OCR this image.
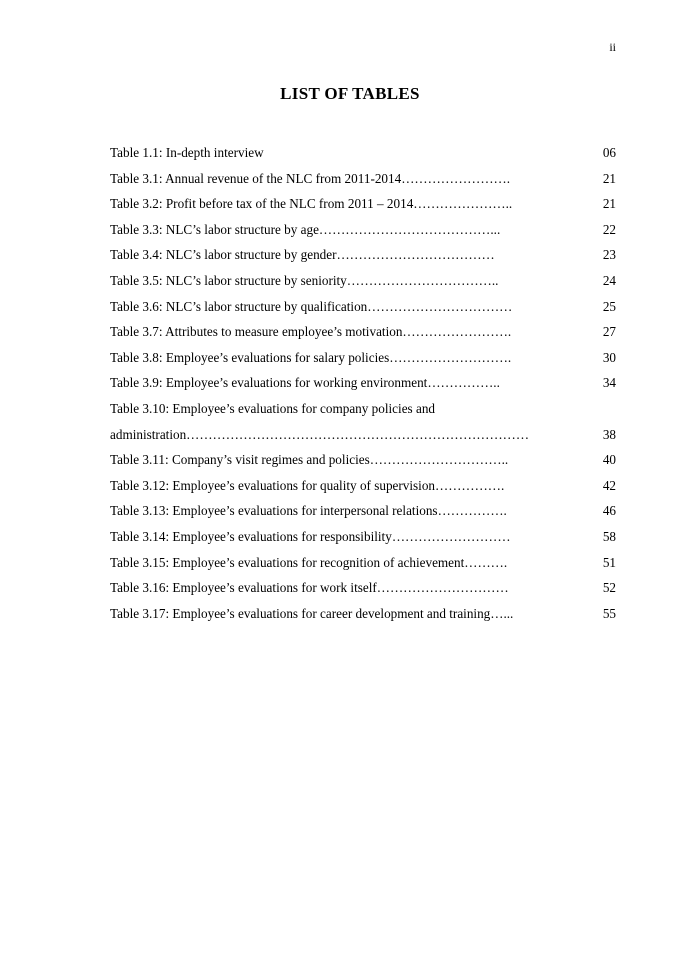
ii
LIST OF TABLES
Table 1.1: In-depth interview	06
Table 3.1: Annual revenue of the NLC from 2011-2014…………………….	21
Table 3.2: Profit before tax of the NLC from 2011 – 2014…………………..	21
Table 3.3: NLC’s labor structure by age…………………………………...	22
Table 3.4: NLC’s labor structure by gender………………………………	23
Table 3.5: NLC’s labor structure by seniority……………………………..	24
Table 3.6: NLC’s labor structure by qualification……………………………	25
Table 3.7: Attributes to measure employee’s motivation…………………….	27
Table 3.8: Employee’s evaluations for salary policies……………………….	30
Table 3.9: Employee’s evaluations for working environment……………..	34
Table 3.10: Employee’s evaluations for company policies and
administration……………………………………………………………………	38
Table 3.11: Company’s visit regimes and policies…………………………..	40
Table 3.12: Employee’s evaluations for quality of supervision…………….	42
Table 3.13: Employee’s evaluations for interpersonal relations…………….	46
Table 3.14: Employee’s evaluations for responsibility………………………	58
Table 3.15: Employee’s evaluations for recognition of achievement……….	51
Table 3.16: Employee’s evaluations for work itself…………………………	52
Table 3.17: Employee’s evaluations for career development and training…...	55
